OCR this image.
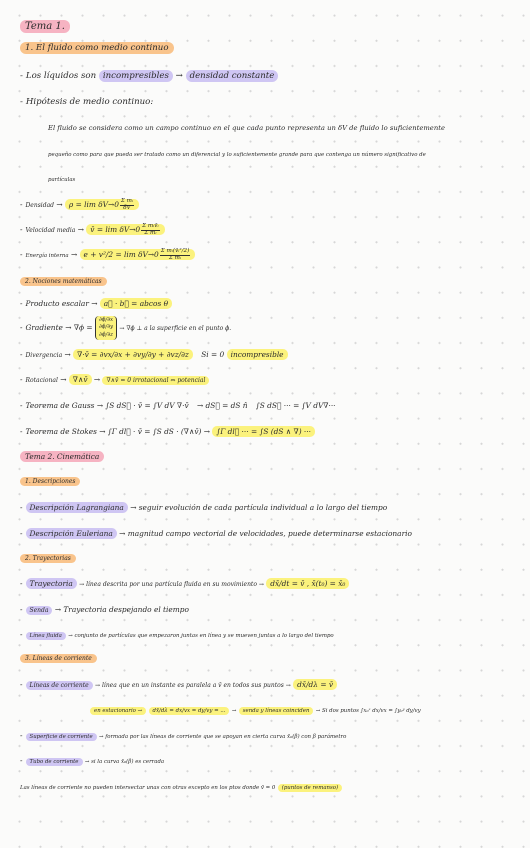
Tema 1.
1. El fluido como medio continuo
- Los líquidos son incompresibles → densidad constante
- Hipótesis de medio continuo:
El fluido se considera como un campo continuo en el que cada punto representa un δV de fluido lo suficientemente
pequeño como para que pueda ser tratado como un diferencial y lo suficientemente grande para que contenga un número significativo de
partículas
- Densidad → $\rho = \lim \delta V\to 0 \frac{\text{Σ mᵢ}}{\delta V}$
- Velocidad media → v̄ = $\lim \delta V\to 0 \frac{\text{Σ mᵢv̄ᵢ}}{\text{Σ mᵢ}}$
- Energía interna → $e + v^2/2 = \lim \delta V\to 0 \frac{\text{Σ mᵢ(v̄ᵢ²/2)}}{\text{Σ mᵢ}}$
2. Nociones matemáticas
- Producto escalar → a⃗ · b⃗ = abcos θ
- Gradiente → ∇ϕ = ∂ϕ/∂x
∂ϕ/∂y
∂ϕ/∂z → ∇ϕ ⊥ a la superficie en el punto ϕ.
- Divergencia → ∇·v̄ = ∂vx/∂x + ∂vy/∂y + ∂vz/∂z Si = 0 incompresible
- Rotacional → ∇∧v̄ → ∇∧v̄ = 0 irrotacional ⇔ potencial
- Teorema de Gauss → ∫S dS⃗ · v̄ = ∫V dV ∇·v̄ → dS⃗ = dS n̂ ∫S dS⃗ ··· = ∫V dV∇···
- Teorema de Stokes → ∫Γ dl⃗ · v̄ = ∫S dS · (∇∧v̄) → ∫Γ dl⃗ ··· = ∫S (dS ∧ ∇) ···
Tema 2. Cinemática
1. Descripciones
- Descripción Lagrangiana → seguir evolución de cada partícula individual a lo largo del tiempo
- Descripción Euleriana → magnitud campo vectorial de velocidades, puede determinarse estacionario
2. Trayectorias
- Trayectoria → línea descrita por una partícula fluida en su movimiento → dx̄/dt = v̄ , x̄(t₀) = x̄₀
- Senda → Trayectoria despejando el tiempo
- Línea fluida → conjunto de partículas que empezaron juntas en línea y se mueven juntas a lo largo del tiempo
3. Líneas de corriente
- Líneas de corriente → línea que en un instante es paralela a v̄ en todos sus puntos → dx̄/dλ = v̄
en estacionario → dx̄/dλ = dx/vx = dy/vy = ... → senda y líneas coinciden → Si dos puntos ∫x₀ˣ dx/vx = ∫y₀ʸ dy/vy
- Superficie de corriente → formada por las líneas de corriente que se apoyan en cierta curva x̄₀(β) con β parámetro
- Tubo de corriente → si la curva x̄₀(β) es cerrada
Las líneas de corriente no pueden intersectar unas con otras excepto en los ptos donde v̄ = 0 (puntos de remanso)
